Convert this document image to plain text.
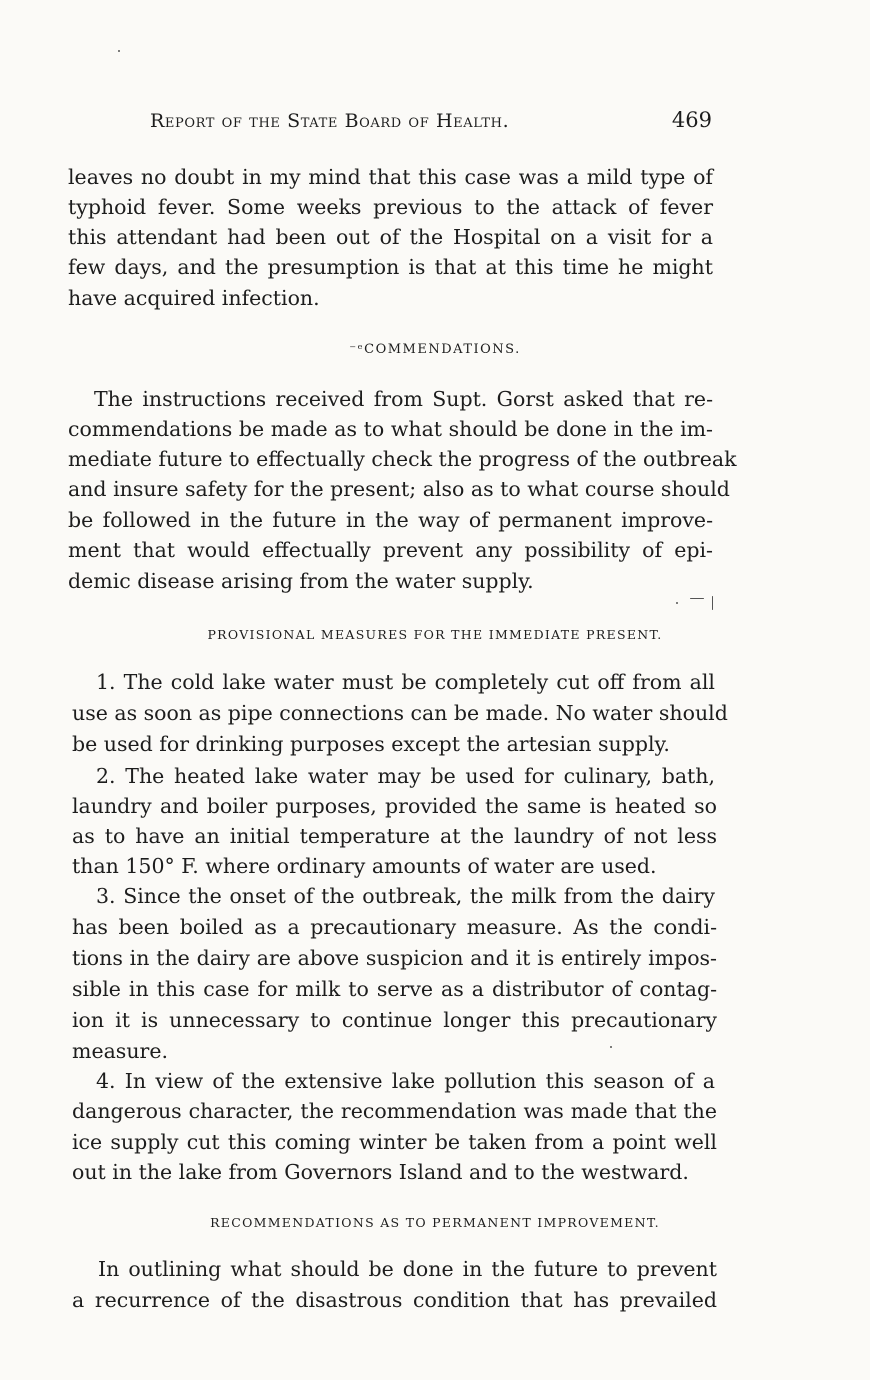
Report of the State Board of Health.	469
leaves no doubt in my mind that this case was a mild type of
typhoid fever. Some weeks previous to the attack of fever
this attendant had been out of the Hospital on a visit for a
few days, and the presumption is that at this time he might
have acquired infection.
⁻ᵉCOMMENDATIONS.
The instructions received from Supt. Gorst asked that re-
commendations be made as to what should be done in the im-
mediate future to effectually check the progress of the outbreak
and insure safety for the present; also as to what course should
be followed in the future in the way of permanent improve-
ment that would effectually prevent any possibility of epi-
demic disease arising from the water supply.
PROVISIONAL MEASURES FOR THE IMMEDIATE PRESENT.
1. The cold lake water must be completely cut off from all
use as soon as pipe connections can be made. No water should
be used for drinking purposes except the artesian supply.
2. The heated lake water may be used for culinary, bath,
laundry and boiler purposes, provided the same is heated so
as to have an initial temperature at the laundry of not less
than 150° F. where ordinary amounts of water are used.
3. Since the onset of the outbreak, the milk from the dairy
has been boiled as a precautionary measure. As the condi-
tions in the dairy are above suspicion and it is entirely impos-
sible in this case for milk to serve as a distributor of contag-
ion it is unnecessary to continue longer this precautionary
measure.
4. In view of the extensive lake pollution this season of a
dangerous character, the recommendation was made that the
ice supply cut this coming winter be taken from a point well
out in the lake from Governors Island and to the westward.
RECOMMENDATIONS AS TO PERMANENT IMPROVEMENT.
In outlining what should be done in the future to prevent
a recurrence of the disastrous condition that has prevailed
